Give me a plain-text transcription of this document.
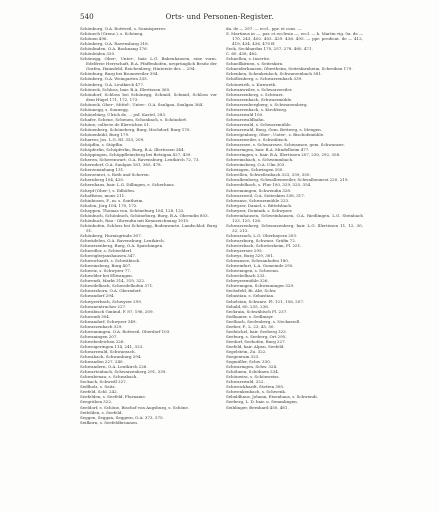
540	Orts- und Personen-Register.

Schönborg, O.A. Rottweil, s. Sonnisperrer.

Schönech (Grenz.), s. Schöneg.

Schönen 496.

Schönberg, O.A. Ravensburg 316.

Schönlinden, O.A. Backnang 176.

Schönleiden 320.

Schönegg, Ober-, Unter-, bair. L.G. Babenhausen, eine vorm. Edelfreie Herrschaft, B.A. Pfaffenhofen, ursprünglich Besitz der Grafen, Hainsfeld, Reichenberg, Hinterste des ... 294.

Schönburg, Burg bei Bronnweiler 394.

Schönberg, O.A. Weingarten 335.

Schönberg, O.A. Leutkirch 477.

Schöneck, Schloss, bair. B.A. Illertissen 365.

Schöndorf, Schloss bei Schönegg, Schmid, Schmid, Schloss vor dem Hügel 171, 172, 173.

Schöneck, Ober-, Mittel-, Unter-, O.A. Saulgau, Saulgau 364.

Schönnegg, s. Sonnegg.

Schönebürg, Ulrich de, ... jed. Kastel, 283.

Schafer, Schene, Schenen, Schonbach, s. Schöndorf.

Schöne, collecte de Illereichen 51.

Schönenberg, Schöneberg, Burg. Hochdorf, Burg 170.

Schönenbühl, Burg 179.

Scharrer, Jos. L.G. Hl. 333, 209.

Schöpflin, s. Stöpflin.

Schöpferlin, Schöpferlin, Burg, B.A. Illertissen 344.

Schöppingen, Schöppfleinsberg bei Betzigau 427, 439.

Scheren, Scherenwart, O.A. Ravensburg, Leutkirch 72, 73.

Scherndorf, O.A. Saulgau 181, 365, 478.

Scherzenanhang 131.

Scherzenrot, s. Roth und Scheren.

Schernberg 104, 420.

Schernhaus, bair. L.G. Dillingen, e. Scherhaus.

Schepf (Ober-), s. Ildhöfen.

Schoffsens, mons 211.

Schinhusen, F., m. s. Sontheim.

Scholen, Jörg 104, 170, 172.

Scheppen, Thomas von, Schöneburg 104, 128, 132.

Schönbuch, Schönbuch, Schöneburg, Burg, B.A. Ohrendin 803.

Schönbuch, Rau - Ohrendin mit Kennzeichnung 1010.

Schönhofen, Schloss bei Schönegg, Bodenwarte, Landschlof, Burg 91.

Schönberg, Hornisgrinde 307.

Schwädelen, O.A. Ravensburg, Leutkirch.

Schwarzenberg, Burg, O.A. Spaichingen.

Schwedler, s. Schwelderl.

Schweiglerjanshausen 347.

Schweichardt, s. Schwäbisch.

Schweinsberg, Burg 407.

Schweiz, s. Schwyzer 77.

Schwelder bei Ellwangen.

Schwendi, Markt 314, 319, 322.

Schwedelbach, Schwedelhofen 371.

Schwarzhorn, O.A. Oberndorf.

Schwandorf 294.

Schwyzerbach, Schwyzer 299.

Schwanentracher 227.

Schwäbisch Gmünd, F. 87, 196, 209.

Schwendi 304.

Schwandorf, Schwyzer 349.

Schwarzenbach 329.

Schwenningen, O.A. Rottweil, Oberdorf 103.

Schwaningen 207.

Schwebedeichen 226.

Schweigeringen 114, 241, 323.

Schwarzwald, Schwarzach.

Schwabach, Schwanburg 294.

Schwanden 227, 240.

Schwandern, O.A. Leutkirch 226.

Schwartenbach, Schwarzenberg 291, 339.

Schwabenau, s. Schwabach.

Seckach, Schwedl 227.

Sedlholz, s. Seitz.

Seefeld, Schl. 242.

Seefelden, s. Seefeld, Flurname.

Seegräben 322.

Seeldorf, s. Schöne, Bischof von Augsburg, s. Schöne.

Seifolden, s. Seefeld.

Seggen, Seggan, Seggern, O.A. 373, 375.

Seifkorn, s. Seefeldbrunnen.

da. de — 297. — eccl., ppr. et cons. —

S. Martinus in —, par. et ecclesia —, eccl. — h. Martin vig. 0a. de — 170, 243, 402. 403. 429. 436. 495. — ppr. predicat. de — 412, 419, 434, 436, 470 ff.

Seck, Seckhardus 170, 257, 278, 460, 471.

C. 60. 438, 482.

Schnellen, s. Insertie.

Schnellkirnen, s. Seiteskirn.

Schneiderhausen, Obertheim, Seiteskirnheim, Schreiben 179.

Schenken, Schenkenloch, Schwarzenbach 381.

Schöllenberg, s. Schwarzenbach 339.

Schönwirth, s. Kirnweth.

Schwanweiler, s. Schwarzweiler.

Schwarzenberg, s. Schwarz.

Schwarzenbach, Schwarzmühle.

Schwarzenbergberg, s. Schwarzenberg.

Schwarzenbach, s. Kirchberg.

Schwarzwald 100.

Schwarzwaldbahn.

Schwarzwald, s. Schwarzmühle.

Schwarzwald, Burg, Gem. Bettweg, s. Mengen.

Schwegenberg, Ober-, Unter-, s. Bischofsmühle.

Schwarzweiler, s. Schwäbisch.

Schwarzsee, s. Schwarzsee, Schwansee, gem. Schwansee.

Schwaringen, bair. B.A. Mindelheim 477.

Schweringen, s. bair. B.A. Illertissen 207, 230, 292, 358.

Schweinsbach, s. Schwimmbach.

Schweinsberg, O.A. Ulm 303.

Schwingen, Schwingen 350.

Schwellen, Schwellenbach 323, 339, 350.

Schwalbenberg, Schwalbenweiler, Schwalbennest 220, 219.

Schwedelbach, s. Flur 100, 329, 325, 354.

Schwenningen, Schwendin 328.

Schwarzweil, O.A. Seiteskirn 338, 317.

Schwanse, Schwarzmühle 223.

Schwyzer, Daniel, s. Bittelsbach.

Schwyzer, Dominik, s. Schwyzer.

Schweinhausen, Schweinhausen, O.A. Riedlingen, L.G. Steinbach 123, 125, 126.

Schwarzenberg, Schwarzenberg, bair. L.G. Illertissen 11, 12, 30, 32, 213.

Schwarzach, L.G. Oberbayern 203.

Schwarzburg, Schwarz. Gräfin 72.

Schwörzbach, Schwörzheim, Fl. 251.

Schwyzersee 295.

Schwyz, Burg 329, 301.

Schwansee, Schwanhofen 180.

Schweinfurt, L.A. Gemeinde 295.

Schwenngen, s. Schwenn.

Schwebelbach 233.

Schwyzermühle 326.

Schwenngen, Schwenninger 329.

Sechsfeld, Bi. Abt, Schw.

Sebastian, s. Sebastian.

Sebelstan, Schwarz. Fl. 121, 156, 207.

Sebald, 60, 235, 236.

Seckrain, Schwäbisch Fl. 237.

Sedlmaier, s. Sedlmayr.

Seelbach, Seelenberg, s. Neckarzell.

Seeber, F., L. 23, 45, 50.

Seebüchel, bair. Seeberg 323.

Seeburg, s. Seeberg, Ort 295.

Seedorf, Seehofen, Burg 227.

Seefeld, bair. Alpen, Seefeld.

Segelstein, Zu. 322.

Seegenrain 323.

Segmüller, Schw. 330.

Schwaringen, Schw. 324.

Schöhnen, Schöhnen 334.

Schönwiss, s. Schönweiss.

Schwarzwald, 322.

Schweickhardt, Stetten 300.

Schwenkenbach, s. Schwenk.

Sebaldhaus, Johann, Eisenhaus, s. Schwendi.

Seeberg, L. D. bair. u. Semmlingen.

Seiblinger, Bernhard 450, 481.
